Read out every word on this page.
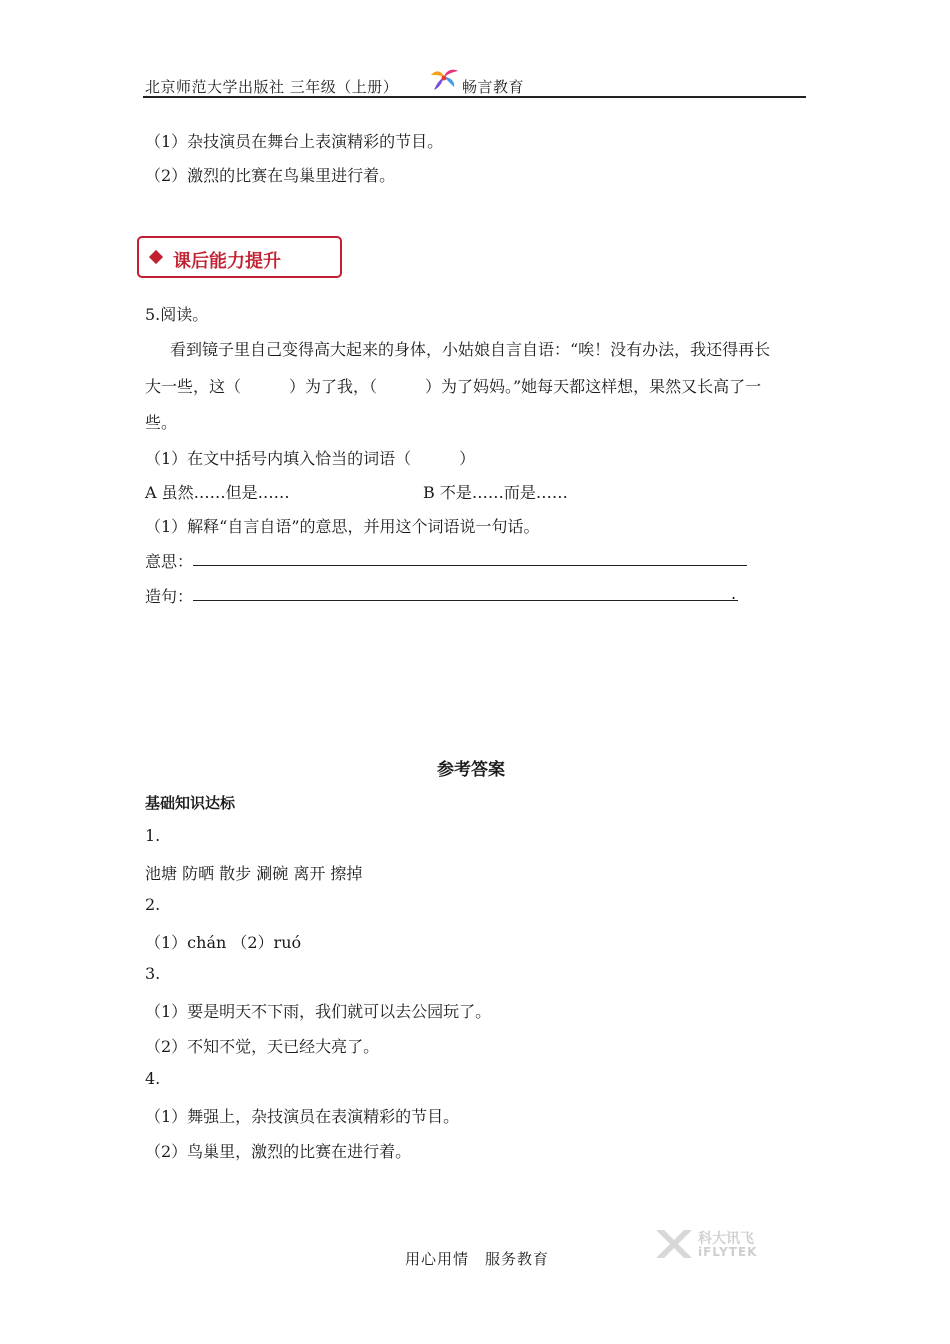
北京师范大学出版社 三年级（上册）	畅言教育
（1）杂技演员在舞台上表演精彩的节目。
（2）激烈的比赛在鸟巢里进行着。
课后能力提升
5.阅读。
看到镜子里自己变得高大起来的身体，小姑娘自言自语：“唉！没有办法，我还得再长
大一些，这（　　　）为了我，（　　　）为了妈妈。”她每天都这样想，果然又长高了一
些。
（1）在文中括号内填入恰当的词语（　　　）
A 虽然……但是……	B 不是……而是……
（1）解释“自言自语”的意思，并用这个词语说一句话。
意思：
造句：	.
参考答案
基础知识达标
1.
池塘 防晒 散步 涮碗 离开 擦掉
2.
（1）chán （2）ruó
3.
（1）要是明天不下雨，我们就可以去公园玩了。
（2）不知不觉，天已经大亮了。
4.
（1）舞强上，杂技演员在表演精彩的节目。
（2）鸟巢里，激烈的比赛在进行着。
用心用情　服务教育
科大讯飞
iFLYTEK
